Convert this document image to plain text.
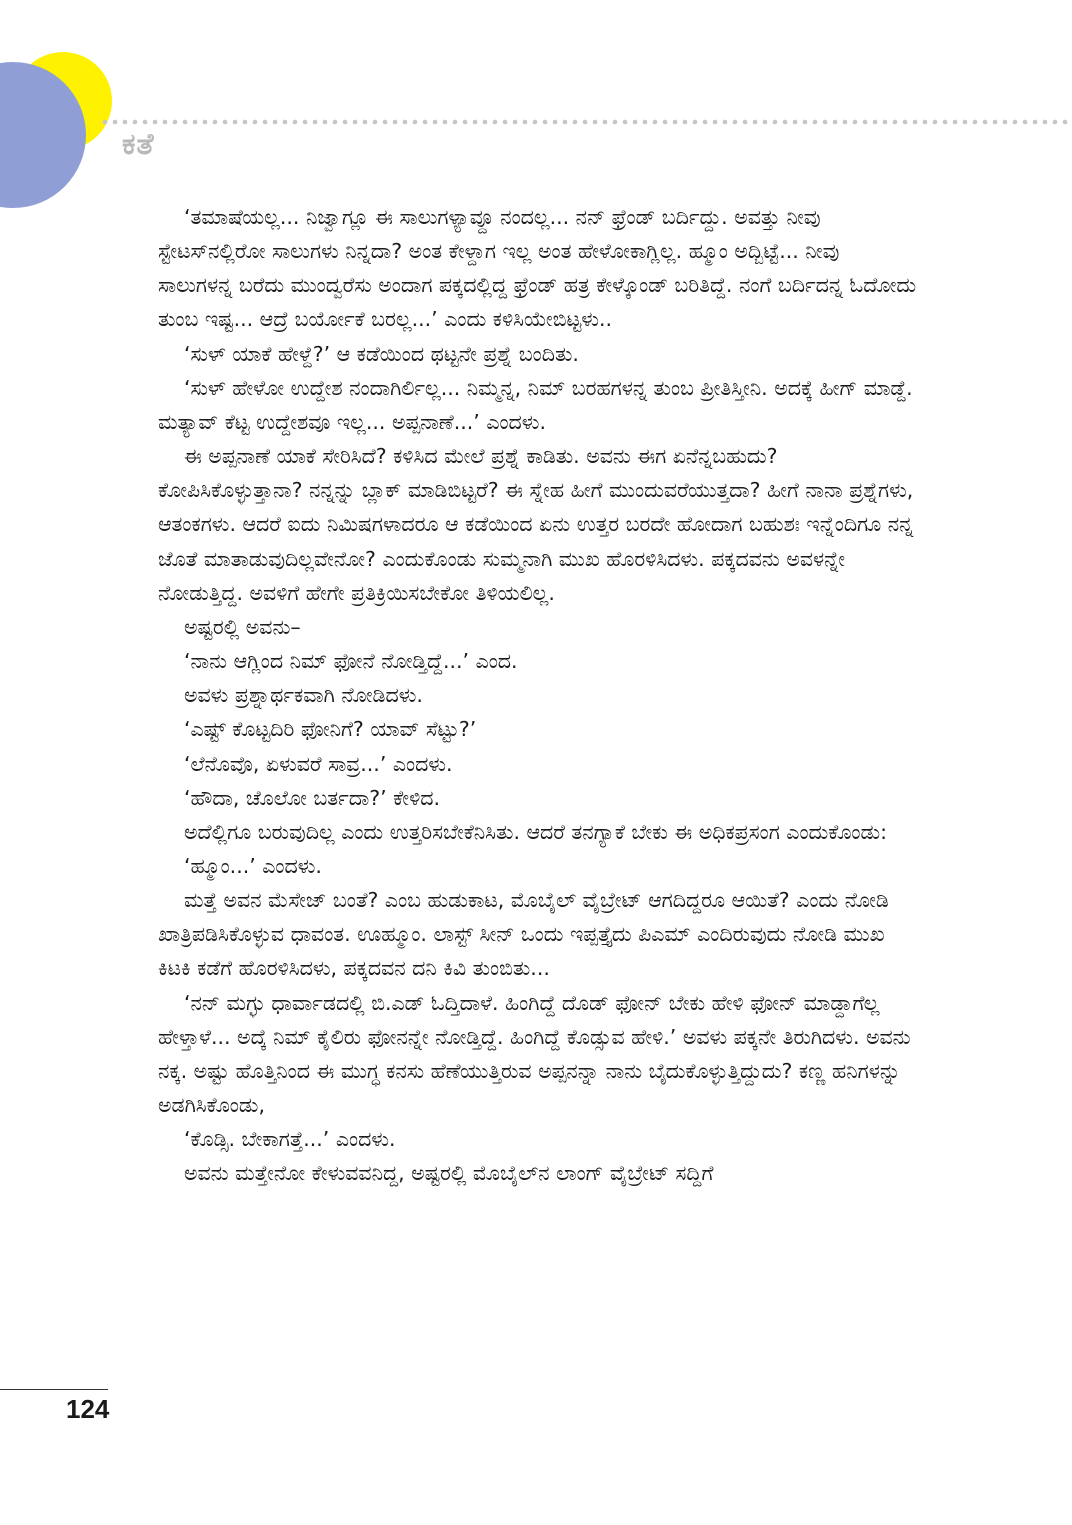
ಕತೆ

‘ತಮಾಷೆಯಲ್ಲ... ನಿಜ್ವಾಗ್ಲೂ ಈ ಸಾಲುಗಳ್ಯಾವ್ದೂ ನಂದಲ್ಲ... ನನ್ ಫ್ರೆಂಡ್ ಬರ್ದಿದ್ದು. ಅವತ್ತು ನೀವು ಸ್ಟೇಟಸ್‌ನಲ್ಲಿರೋ ಸಾಲುಗಳು ನಿನ್ನದಾ? ಅಂತ ಕೇಳ್ದಾಗ ಇಲ್ಲ ಅಂತ ಹೇಳೋಕಾಗ್ಲಿಲ್ಲ. ಹ್ಮೂಂ ಅದ್ಬಿಟ್ಟೆ... ನೀವು ಸಾಲುಗಳನ್ನ ಬರೆದು ಮುಂದ್ವರೆಸು ಅಂದಾಗ ಪಕ್ಕದಲ್ಲಿದ್ದ ಫ್ರೆಂಡ್ ಹತ್ರ ಕೇಳ್ಕೊಂಡ್ ಬರಿತಿದ್ದೆ. ನಂಗೆ ಬರ್ದಿದನ್ನ ಓದೋದು ತುಂಬ ಇಷ್ಟ... ಆದ್ರೆ ಬರ್ಯೋಕೆ ಬರಲ್ಲ...’ ಎಂದು ಕಳಿಸಿಯೇಬಿಟ್ಟಳು..

‘ಸುಳ್ ಯಾಕೆ ಹೇಳ್ದೆ?’ ಆ ಕಡೆಯಿಂದ ಥಟ್ಟನೇ ಪ್ರಶ್ನೆ ಬಂದಿತು.

‘ಸುಳ್ ಹೇಳೋ ಉದ್ದೇಶ ನಂದಾಗಿರ್ಲಿಲ್ಲ... ನಿಮ್ಮನ್ನ, ನಿಮ್ ಬರಹಗಳನ್ನ ತುಂಬ ಪ್ರೀತಿಸ್ತೀನಿ. ಅದಕ್ಕೆ ಹೀಗ್ ಮಾಡ್ದೆ. ಮತ್ಯಾವ್ ಕೆಟ್ಟ ಉದ್ದೇಶವೂ ಇಲ್ಲ... ಅಪ್ಪನಾಣೆ...’ ಎಂದಳು.

ಈ ಅಪ್ಪನಾಣೆ ಯಾಕೆ ಸೇರಿಸಿದೆ? ಕಳಿಸಿದ ಮೇಲೆ ಪ್ರಶ್ನೆ ಕಾಡಿತು. ಅವನು ಈಗ ಏನೆನ್ನಬಹುದು? ಕೋಪಿಸಿಕೊಳ್ಳುತ್ತಾನಾ? ನನ್ನನ್ನು ಬ್ಲಾಕ್ ಮಾಡಿಬಿಟ್ಟರೆ? ಈ ಸ್ನೇಹ ಹೀಗೆ ಮುಂದುವರೆಯುತ್ತದಾ? ಹೀಗೆ ನಾನಾ ಪ್ರಶ್ನೆಗಳು, ಆತಂಕಗಳು. ಆದರೆ ಐದು ನಿಮಿಷಗಳಾದರೂ ಆ ಕಡೆಯಿಂದ ಏನು ಉತ್ತರ ಬರದೇ ಹೋದಾಗ ಬಹುಶಃ ಇನ್ನೆಂದಿಗೂ ನನ್ನ ಜೊತೆ ಮಾತಾಡುವುದಿಲ್ಲವೇನೋ? ಎಂದುಕೊಂಡು ಸುಮ್ಮನಾಗಿ ಮುಖ ಹೊರಳಿಸಿದಳು. ಪಕ್ಕದವನು ಅವಳನ್ನೇ ನೋಡುತ್ತಿದ್ದ. ಅವಳಿಗೆ ಹೇಗೇ ಪ್ರತಿಕ್ರಿಯಿಸಬೇಕೋ ತಿಳಿಯಲಿಲ್ಲ.

ಅಷ್ಟರಲ್ಲಿ ಅವನು–

‘ನಾನು ಆಗ್ಲಿಂದ ನಿಮ್ ಫೋನೆ ನೋಡ್ತಿದ್ದೆ...’ ಎಂದ.

ಅವಳು ಪ್ರಶ್ನಾರ್ಥಕವಾಗಿ ನೋಡಿದಳು.

‘ಎಷ್ಟ್ ಕೊಟ್ಟದಿರಿ ಫೋನಿಗೆ? ಯಾವ್ ಸೆಟ್ಟು?’

‘ಲೆನೊವೊ, ಏಳುವರೆ ಸಾವ್ರ...’ ಎಂದಳು.

‘ಹೌದಾ, ಚೊಲೋ ಬರ್ತದಾ?’ ಕೇಳಿದ.

ಅದೆಲ್ಲಿಗೂ ಬರುವುದಿಲ್ಲ ಎಂದು ಉತ್ತರಿಸಬೇಕೆನಿಸಿತು. ಆದರೆ ತನಗ್ಯಾಕೆ ಬೇಕು ಈ ಅಧಿಕಪ್ರಸಂಗ ಎಂದುಕೊಂಡು:

‘ಹ್ಮೂಂ...’ ಎಂದಳು.

ಮತ್ತೆ ಅವನ ಮೆಸೇಜ್ ಬಂತೆ? ಎಂಬ ಹುಡುಕಾಟ, ಮೊಬೈಲ್ ವೈಬ್ರೇಟ್ ಆಗದಿದ್ದರೂ ಆಯಿತೆ? ಎಂದು ನೋಡಿ ಖಾತ್ರಿಪಡಿಸಿಕೊಳ್ಳುವ ಧಾವಂತ. ಊಹ್ಮೂಂ. ಲಾಸ್ಟ್ ಸೀನ್ ಒಂದು ಇಪ್ಪತ್ತೈದು ಪಿಎಮ್ ಎಂದಿರುವುದು ನೋಡಿ ಮುಖ ಕಿಟಕಿ ಕಡೆಗೆ ಹೊರಳಿಸಿದಳು, ಪಕ್ಕದವನ ದನಿ ಕಿವಿ ತುಂಬಿತು...

‘ನನ್ ಮಗ್ಳು ಧಾರ್ವಾಡದಲ್ಲಿ ಬಿ.ಎಡ್ ಓದ್ತಿದಾಳೆ. ಹಿಂಗಿದ್ದೆ ದೊಡ್ ಫೋನ್ ಬೇಕು ಹೇಳಿ ಫೋನ್ ಮಾಡ್ದಾಗೆಲ್ಲ ಹೇಳ್ತಾಳೆ... ಅದ್ಕೆ ನಿಮ್ ಕೈಲಿರು ಫೋನನ್ನೇ ನೋಡ್ತಿದ್ದೆ. ಹಿಂಗಿದ್ದೆ ಕೊಡ್ಸುವ ಹೇಳಿ.’ ಅವಳು ಪಕ್ಕನೇ ತಿರುಗಿದಳು. ಅವನು ನಕ್ಕ. ಅಷ್ಟು ಹೊತ್ತಿನಿಂದ ಈ ಮುಗ್ಧ ಕನಸು ಹೆಣೆಯುತ್ತಿರುವ ಅಪ್ಪನನ್ನಾ ನಾನು ಬೈದುಕೊಳ್ಳುತ್ತಿದ್ದುದು? ಕಣ್ಣ ಹನಿಗಳನ್ನು ಅಡಗಿಸಿಕೊಂಡು,

‘ಕೊಡ್ಸಿ. ಬೇಕಾಗತ್ತೆ...’ ಎಂದಳು.

ಅವನು ಮತ್ತೇನೋ ಕೇಳುವವನಿದ್ದ, ಅಷ್ಟರಲ್ಲಿ ಮೊಬೈಲ್‌ನ ಲಾಂಗ್ ವೈಬ್ರೇಟ್ ಸದ್ದಿಗೆ

124
